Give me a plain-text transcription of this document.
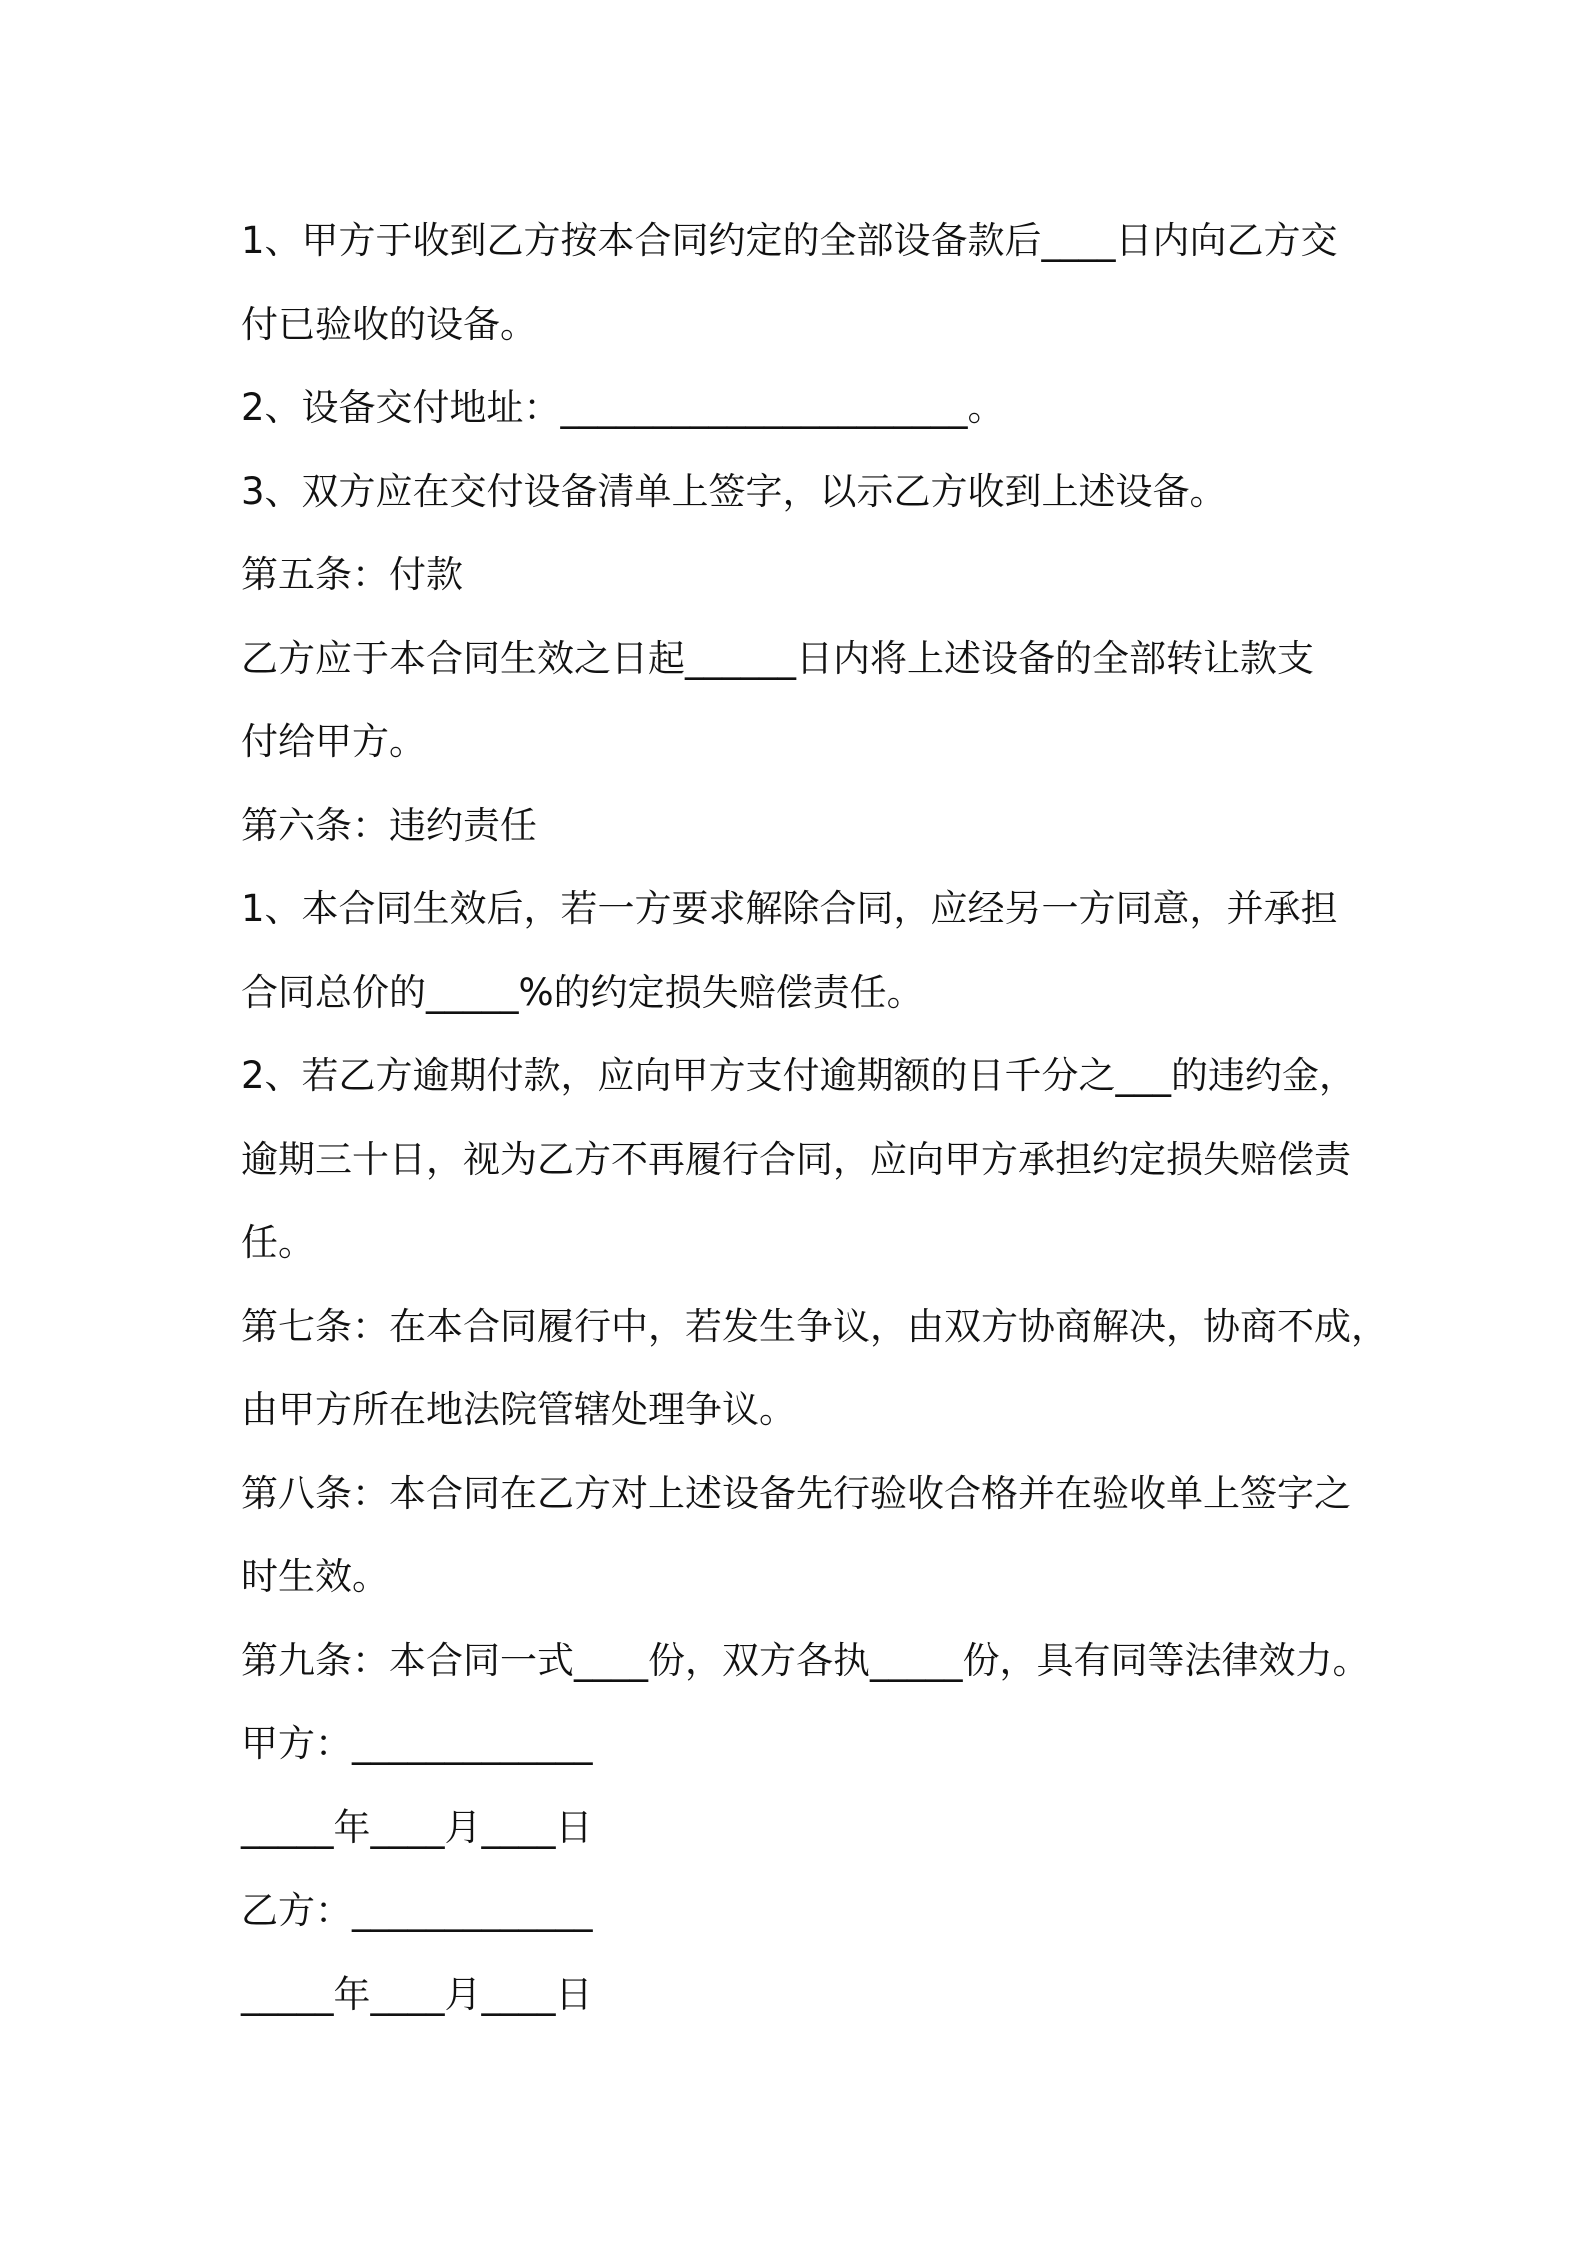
1、甲方于收到乙方按本合同约定的全部设备款后____日内向乙方交
付已验收的设备。
2、设备交付地址：______________________。
3、双方应在交付设备清单上签字，以示乙方收到上述设备。
第五条：付款
乙方应于本合同生效之日起______日内将上述设备的全部转让款支
付给甲方。
第六条：违约责任
1、本合同生效后，若一方要求解除合同，应经另一方同意，并承担
合同总价的_____%的约定损失赔偿责任。
2、若乙方逾期付款，应向甲方支付逾期额的日千分之___的违约金，
逾期三十日，视为乙方不再履行合同，应向甲方承担约定损失赔偿责
任。
第七条：在本合同履行中，若发生争议，由双方协商解决，协商不成，
由甲方所在地法院管辖处理争议。
第八条：本合同在乙方对上述设备先行验收合格并在验收单上签字之
时生效。
第九条：本合同一式____份，双方各执_____份，具有同等法律效力。
甲方：_____________
_____年____月____日
乙方：_____________
_____年____月____日
